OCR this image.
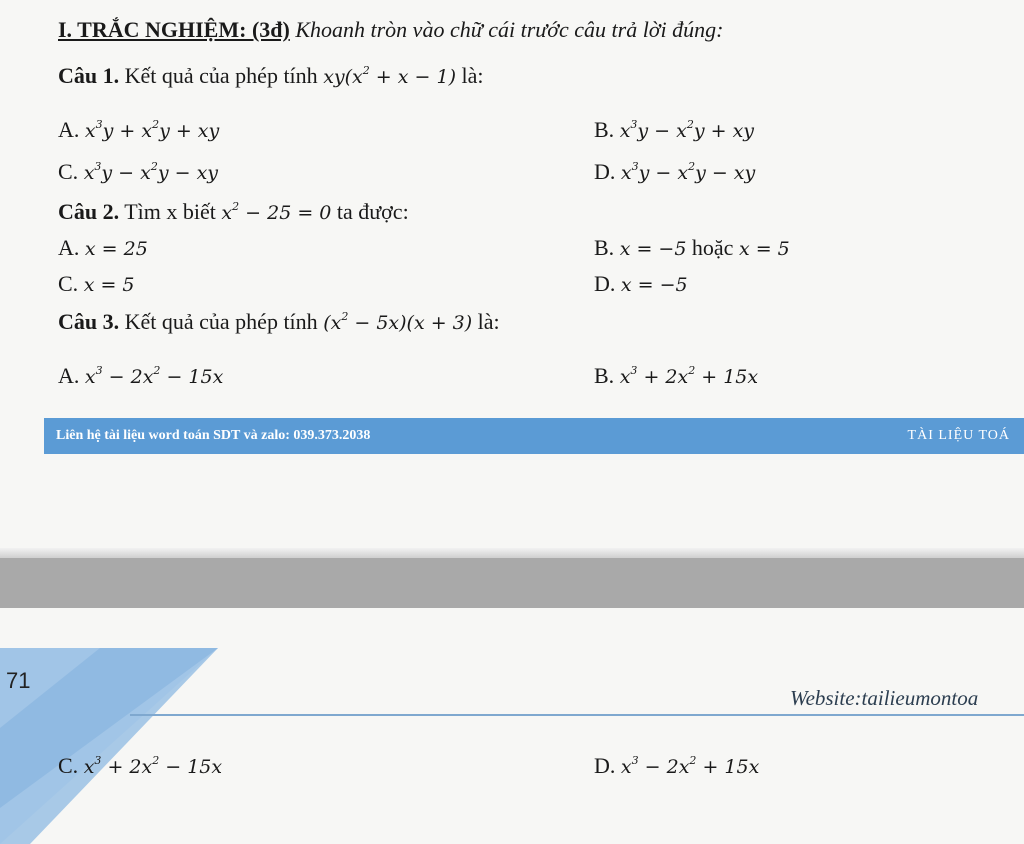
I. TRẮC NGHIỆM: (3đ) Khoanh tròn vào chữ cái trước câu trả lời đúng:
Câu 1. Kết quả của phép tính $xy(x^2 + x - 1)$ là:
A. $x^3y + x^2y$ + xy	B. $x^3y - x^2y$ + xy
C. $x^3y - x^2y$ − xy	D. $x^3y - x^2y$ − xy
Câu 2. Tìm x biết $x^2 - 25 = 0$ ta được:
A. x = 25	B. x = −5 hoặc x = 5
C. x = 5	D. x = −5
Câu 3. Kết quả của phép tính $(x^2 - 5x)(x + 3)$ là:
A. $x^3 - 2x^2 - 15x$	B. $x^3 + 2x^2 + 15x$
Liên hệ tài liệu word toán SDT và zalo: 039.373.2038	TÀI LIỆU TOÁ
71
Website:tailieumontoa
C. $x^3 + 2x^2 - 15x$	D. $x^3 - 2x^2 + 15x$
